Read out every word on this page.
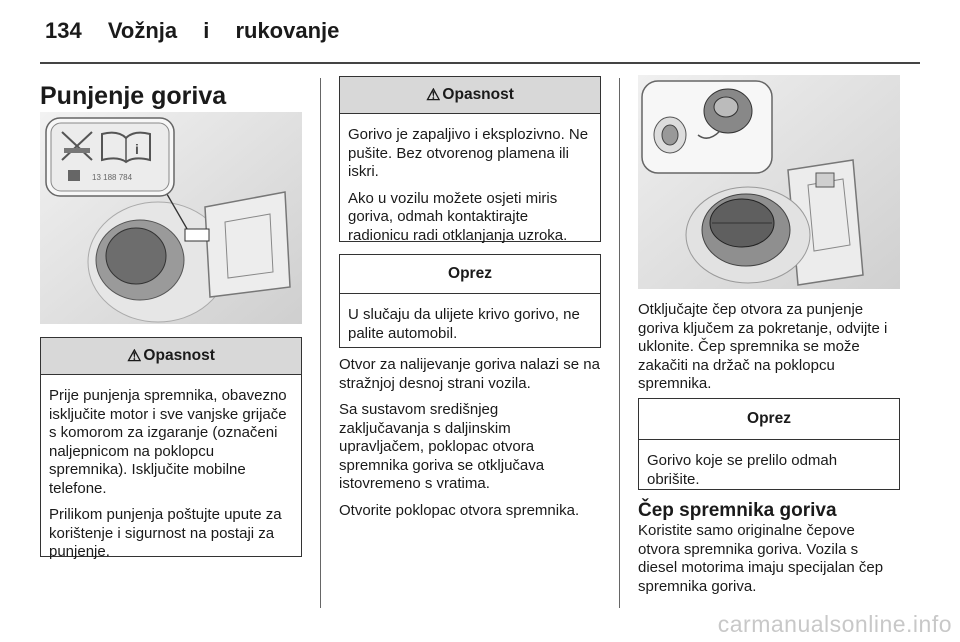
134 Vožnja i rukovanje
Punjenje goriva
i
13 188 784
⚠ Opasnost

Prije punjenja spremnika, obavezno isključite motor i sve vanjske grijače s komorom za izgaranje (označeni naljepnicom na poklopcu spremnika). Isključite mobilne telefone.

Prilikom punjenja poštujte upute za korištenje i sigurnost na postaji za punjenje.

⚠ Opasnost

Gorivo je zapaljivo i eksplozivno. Ne pušite. Bez otvorenog plamena ili iskri.

Ako u vozilu možete osjeti miris goriva, odmah kontaktirajte radionicu radi otklanjanja uzroka.

Oprez

U slučaju da ulijete krivo gorivo, ne palite automobil.

Otvor za nalijevanje goriva nalazi se na stražnjoj desnoj strani vozila.

Sa sustavom središnjeg zaključavanja s daljinskim upravljačem, poklopac otvora spremnika goriva se otključava istovremeno s vratima.

Otvorite poklopac otvora spremnika.

Otključajte čep otvora za punjenje goriva ključem za pokretanje, odvijte i uklonite. Čep spremnika se može zakačiti na držač na poklopcu spremnika.

Oprez

Gorivo koje se prelilo odmah obrišite.

Čep spremnika goriva

Koristite samo originalne čepove otvora spremnika goriva. Vozila s diesel motorima imaju specijalan čep spremnika goriva.

carmanualsonline.info
